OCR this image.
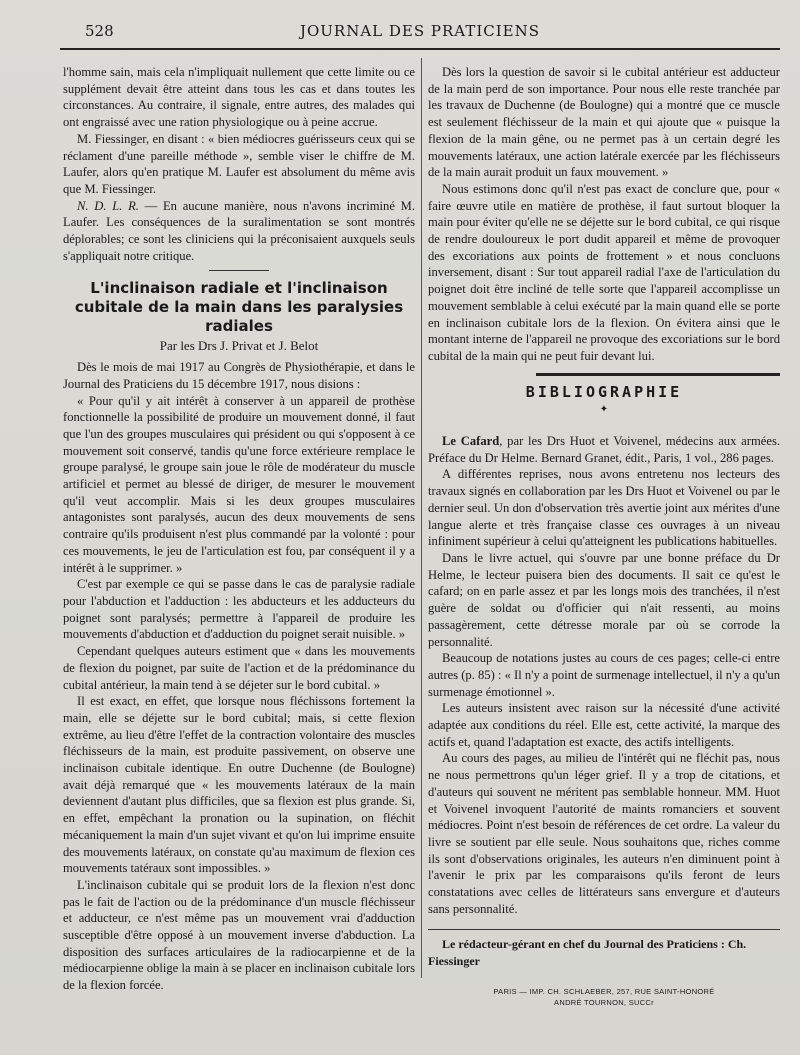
528	JOURNAL DES PRATICIENS

l'homme sain, mais cela n'impliquait nullement que cette limite ou ce supplément devait être atteint dans tous les cas et dans toutes les circonstances. Au contraire, il signale, entre autres, des malades qui ont engraissé avec une ration physiologique ou à peine accrue.

M. Fiessinger, en disant : « bien médiocres guérisseurs ceux qui se réclament d'une pareille méthode », semble viser le chiffre de M. Laufer, alors qu'en pratique M. Laufer est absolument du même avis que M. Fiessinger.

N. D. L. R. — En aucune manière, nous n'avons incriminé M. Laufer. Les conséquences de la suralimentation se sont montrés déplorables; ce sont les cliniciens qui la préconisaient auxquels seuls s'appliquait notre critique.

L'inclinaison radiale et l'inclinaison cubitale de la main dans les paralysies radiales
Par les Drs J. Privat et J. Belot

Dès le mois de mai 1917 au Congrès de Physiothérapie, et dans le Journal des Praticiens du 15 décembre 1917, nous disions :

« Pour qu'il y ait intérêt à conserver à un appareil de prothèse fonctionnelle la possibilité de produire un mouvement donné, il faut que l'un des groupes musculaires qui président ou qui s'opposent à ce mouvement soit conservé, tandis qu'une force extérieure remplace le groupe paralysé, le groupe sain joue le rôle de modérateur du muscle artificiel et permet au blessé de diriger, de mesurer le mouvement qu'il veut accomplir. Mais si les deux groupes musculaires antagonistes sont paralysés, aucun des deux mouvements de sens contraire qu'ils produisent n'est plus commandé par la volonté : pour ces mouvements, le jeu de l'articulation est fou, par conséquent il y a intérêt à le supprimer. »

C'est par exemple ce qui se passe dans le cas de paralysie radiale pour l'abduction et l'adduction : les abducteurs et les adducteurs du poignet sont paralysés; permettre à l'appareil de produire les mouvements d'abduction et d'adduction du poignet serait nuisible. »

Cependant quelques auteurs estiment que « dans les mouvements de flexion du poignet, par suite de l'action et de la prédominance du cubital antérieur, la main tend à se déjeter sur le bord cubital. »

Il est exact, en effet, que lorsque nous fléchissons fortement la main, elle se déjette sur le bord cubital; mais, si cette flexion extrême, au lieu d'être l'effet de la contraction volontaire des muscles fléchisseurs de la main, est produite passivement, on observe une inclinaison cubitale identique. En outre Duchenne (de Boulogne) avait déjà remarqué que « les mouvements latéraux de la main deviennent d'autant plus difficiles, que sa flexion est plus grande. Si, en effet, empêchant la pronation ou la supination, on fléchit mécaniquement la main d'un sujet vivant et qu'on lui imprime ensuite des mouvements latéraux, on constate qu'au maximum de flexion ces mouvements tatéraux sont impossibles. »

L'inclinaison cubitale qui se produit lors de la flexion n'est donc pas le fait de l'action ou de la prédominance d'un muscle fléchisseur et adducteur, ce n'est même pas un mouvement vrai d'adduction susceptible d'être opposé à un mouvement inverse d'abduction. La disposition des surfaces articulaires de la radiocarpienne et de la médiocarpienne oblige la main à se placer en inclinaison cubitale lors de la flexion forcée.

Dès lors la question de savoir si le cubital antérieur est adducteur de la main perd de son importance. Pour nous elle reste tranchée par les travaux de Duchenne (de Boulogne) qui a montré que ce muscle est seulement fléchisseur de la main et qui ajoute que « puisque la flexion de la main gêne, ou ne permet pas à un certain degré les mouvements latéraux, une action latérale exercée par les fléchisseurs de la main aurait produit un faux mouvement. »

Nous estimons donc qu'il n'est pas exact de conclure que, pour « faire œuvre utile en matière de prothèse, il faut surtout bloquer la main pour éviter qu'elle ne se déjette sur le bord cubital, ce qui risque de rendre douloureux le port dudit appareil et même de provoquer des excoriations aux points de frottement » et nous concluons inversement, disant : Sur tout appareil radial l'axe de l'articulation du poignet doit être incliné de telle sorte que l'appareil accomplisse un mouvement semblable à celui exécuté par la main quand elle se porte en inclinaison cubitale lors de la flexion. On évitera ainsi que le montant interne de l'appareil ne provoque des excoriations sur le bord cubital de la main qui ne peut fuir devant lui.

BIBLIOGRAPHIE
✦

Le Cafard, par les Drs Huot et Voivenel, médecins aux armées. Préface du Dr Helme. Bernard Granet, édit., Paris, 1 vol., 286 pages.

A différentes reprises, nous avons entretenu nos lecteurs des travaux signés en collaboration par les Drs Huot et Voivenel ou par le dernier seul. Un don d'observation très avertie joint aux mérites d'une langue alerte et très française classe ces ouvrages à un niveau infiniment supérieur à celui qu'atteignent les publications habituelles.

Dans le livre actuel, qui s'ouvre par une bonne préface du Dr Helme, le lecteur puisera bien des documents. Il sait ce qu'est le cafard; on en parle assez et par les longs mois des tranchées, il n'est guère de soldat ou d'officier qui n'ait ressenti, au moins passagèrement, cette détresse morale par où se corrode la personnalité.

Beaucoup de notations justes au cours de ces pages; celle-ci entre autres (p. 85) : « Il n'y a point de surmenage intellectuel, il n'y a qu'un surmenage émotionnel ».

Les auteurs insistent avec raison sur la nécessité d'une activité adaptée aux conditions du réel. Elle est, cette activité, la marque des actifs et, quand l'adaptation est exacte, des actifs intelligents.

Au cours des pages, au milieu de l'intérêt qui ne fléchit pas, nous ne nous permettrons qu'un léger grief. Il y a trop de citations, et d'auteurs qui souvent ne méritent pas semblable honneur. MM. Huot et Voivenel invoquent l'autorité de maints romanciers et souvent médiocres. Point n'est besoin de références de cet ordre. La valeur du livre se soutient par elle seule. Nous souhaitons que, riches comme ils sont d'observations originales, les auteurs n'en diminuent point à l'avenir le prix par les comparaisons qu'ils feront de leurs constatations avec celles de littérateurs sans envergure et d'auteurs sans personnalité.

Le rédacteur-gérant en chef du Journal des Praticiens : Ch. Fiessinger

PARIS — IMP. CH. SCHLAEBER, 257, RUE SAINT-HONORÉ
ANDRÉ TOURNON, SUCCr
